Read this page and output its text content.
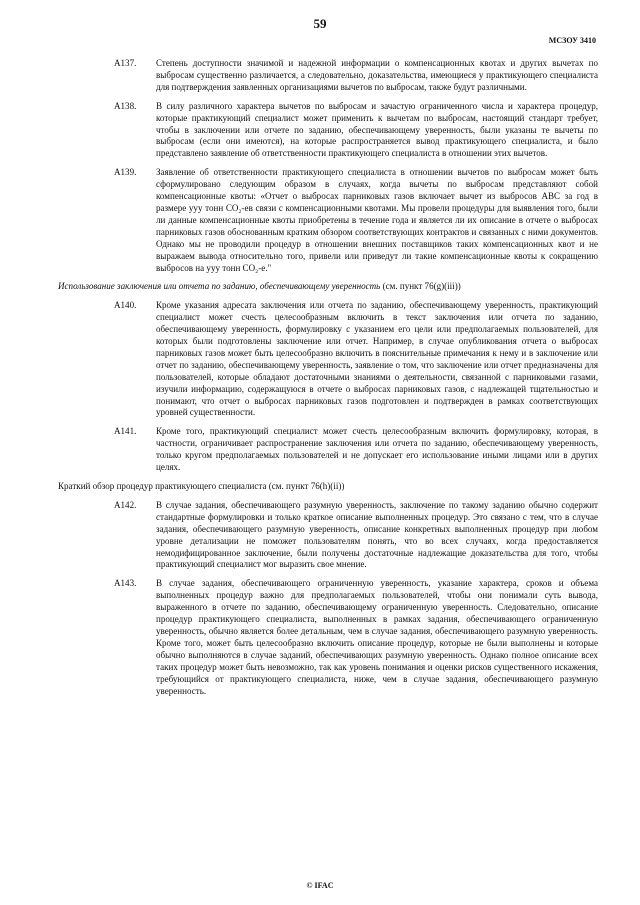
59
МСЗОУ 3410
A137. Степень доступности значимой и надежной информации о компенсационных квотах и других вычетах по выбросам существенно различается, а следовательно, доказательства, имеющиеся у практикующего специалиста для подтверждения заявленных организациями вычетов по выбросам, также будут различными.
A138. В силу различного характера вычетов по выбросам и зачастую ограниченного числа и характера процедур, которые практикующий специалист может применить к вычетам по выбросам, настоящий стандарт требует, чтобы в заключении или отчете по заданию, обеспечивающему уверенность, были указаны те вычеты по выбросам (если они имеются), на которые распространяется вывод практикующего специалиста, и было представлено заявление об ответственности практикующего специалиста в отношении этих вычетов.
A139. Заявление об ответственности практикующего специалиста в отношении вычетов по выбросам может быть сформулировано следующим образом в случаях, когда вычеты по выбросам представляют собой компенсационные квоты: «Отчет о выбросах парниковых газов включает вычет из выбросов ABC за год в размере yyy тонн CO₂-ев связи с компенсационными квотами. Мы провели процедуры для выявления того, были ли данные компенсационные квоты приобретены в течение года и является ли их описание в отчете о выбросах парниковых газов обоснованным кратким обзором соответствующих контрактов и связанных с ними документов. Однако мы не проводили процедур в отношении внешних поставщиков таких компенсационных квот и не выражаем вывода относительно того, привели или приведут ли такие компенсационные квоты к сокращению выбросов на yyy тонн CO₂-е."
Использование заключения или отчета по заданию, обеспечивающему уверенность (см. пункт 76(g)(iii))
A140. Кроме указания адресата заключения или отчета по заданию, обеспечивающему уверенность, практикующий специалист может счесть целесообразным включить в текст заключения или отчета по заданию, обеспечивающему уверенность, формулировку с указанием его цели или предполагаемых пользователей, для которых были подготовлены заключение или отчет. Например, в случае опубликования отчета о выбросах парниковых газов может быть целесообразно включить в пояснительные примечания к нему и в заключение или отчет по заданию, обеспечивающему уверенность, заявление о том, что заключение или отчет предназначены для пользователей, которые обладают достаточными знаниями о деятельности, связанной с парниковыми газами, изучили информацию, содержащуюся в отчете о выбросах парниковых газов, с надлежащей тщательностью и понимают, что отчет о выбросах парниковых газов подготовлен и подтвержден в рамках соответствующих уровней существенности.
A141. Кроме того, практикующий специалист может счесть целесообразным включить формулировку, которая, в частности, ограничивает распространение заключения или отчета по заданию, обеспечивающему уверенность, только кругом предполагаемых пользователей и не допускает его использование иными лицами или в других целях.
Краткий обзор процедур практикующего специалиста (см. пункт 76(h)(ii))
A142. В случае задания, обеспечивающего разумную уверенность, заключение по такому заданию обычно содержит стандартные формулировки и только краткое описание выполненных процедур. Это связано с тем, что в случае задания, обеспечивающего разумную уверенность, описание конкретных выполненных процедур при любом уровне детализации не поможет пользователям понять, что во всех случаях, когда предоставляется немодифицированное заключение, были получены достаточные надлежащие доказательства для того, чтобы практикующий специалист мог выразить свое мнение.
A143. В случае задания, обеспечивающего ограниченную уверенность, указание характера, сроков и объема выполненных процедур важно для предполагаемых пользователей, чтобы они понимали суть вывода, выраженного в отчете по заданию, обеспечивающему ограниченную уверенность. Следовательно, описание процедур практикующего специалиста, выполненных в рамках задания, обеспечивающего ограниченную уверенность, обычно является более детальным, чем в случае задания, обеспечивающего разумную уверенность. Кроме того, может быть целесообразно включить описание процедур, которые не были выполнены и которые обычно выполняются в случае заданий, обеспечивающих разумную уверенность. Однако полное описание всех таких процедур может быть невозможно, так как уровень понимания и оценки рисков существенного искажения, требующийся от практикующего специалиста, ниже, чем в случае задания, обеспечивающего разумную уверенность.
© IFAC
